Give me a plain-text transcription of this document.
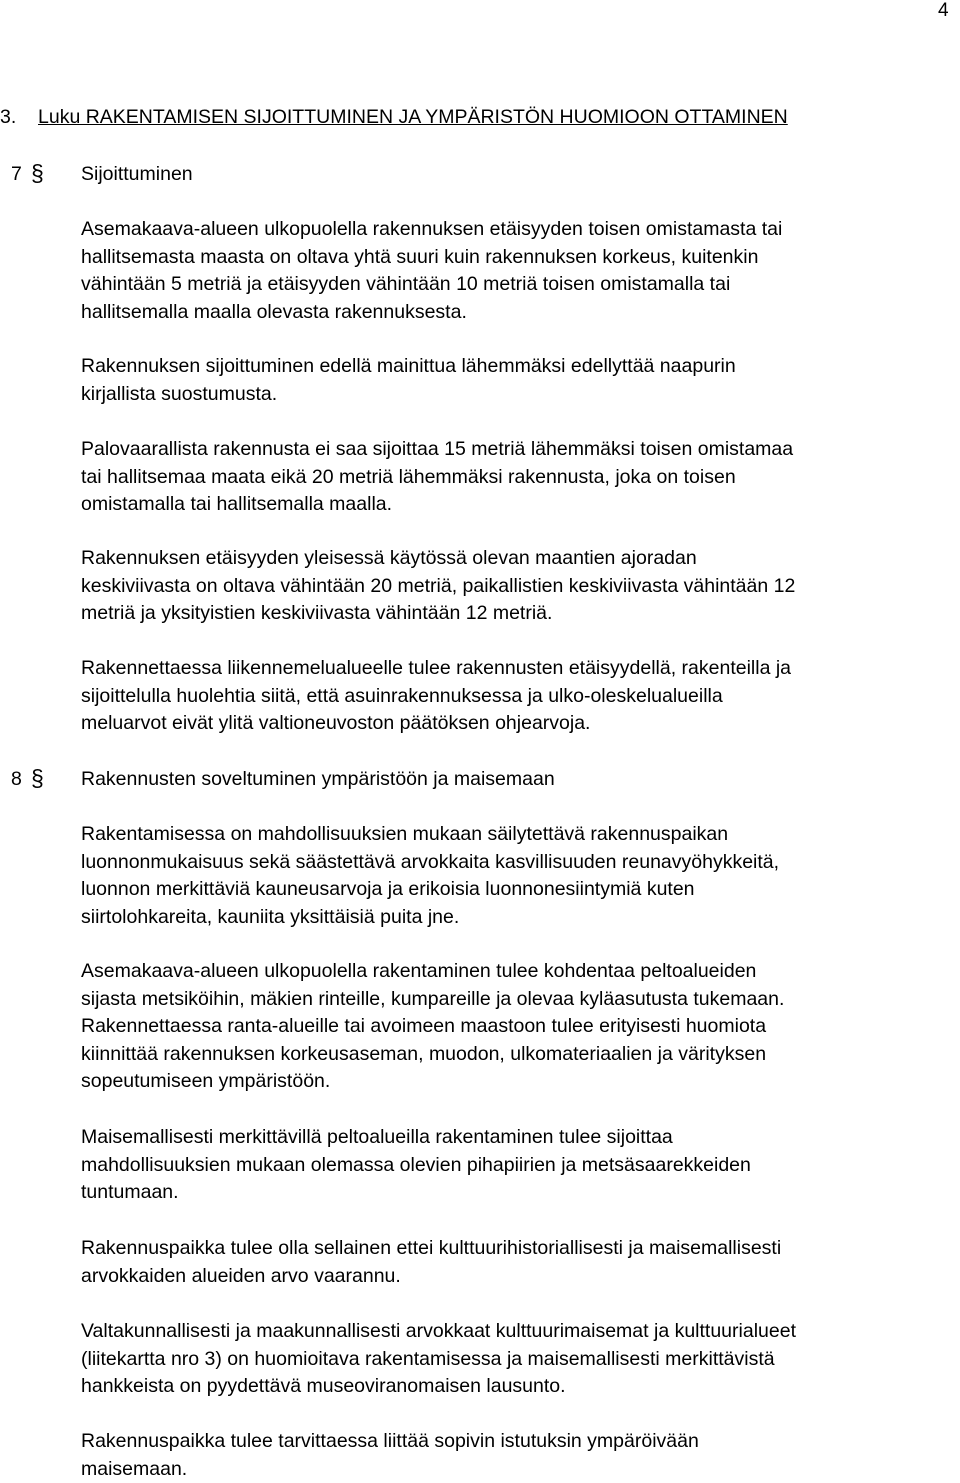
4
3. Luku RAKENTAMISEN SIJOITTUMINEN JA YMPÄRISTÖN HUOMIOON OTTAMINEN
7 § Sijoittuminen

Asemakaava-alueen ulkopuolella rakennuksen etäisyyden toisen omistamasta tai
hallitsemasta maasta on oltava yhtä suuri kuin rakennuksen korkeus, kuitenkin
vähintään 5 metriä ja etäisyyden vähintään 10 metriä toisen omistamalla tai
hallitsemalla maalla olevasta rakennuksesta.

Rakennuksen sijoittuminen edellä mainittua lähemmäksi edellyttää naapurin
kirjallista suostumusta.

Palovaarallista rakennusta ei saa sijoittaa 15 metriä lähemmäksi toisen omistamaa
tai hallitsemaa maata eikä 20 metriä lähemmäksi rakennusta, joka on toisen
omistamalla tai hallitsemalla maalla.

Rakennuksen etäisyyden yleisessä käytössä olevan maantien ajoradan
keskiviivasta on oltava vähintään 20 metriä, paikallistien keskiviivasta vähintään 12
metriä ja yksityistien keskiviivasta vähintään 12 metriä.

Rakennettaessa liikennemelualueelle tulee rakennusten etäisyydellä, rakenteilla ja
sijoittelulla huolehtia siitä, että asuinrakennuksessa ja ulko-oleskelualueilla
meluarvot eivät ylitä valtioneuvoston päätöksen ohjearvoja.

8 § Rakennusten soveltuminen ympäristöön ja maisemaan

Rakentamisessa on mahdollisuuksien mukaan säilytettävä rakennuspaikan
luonnonmukaisuus sekä säästettävä arvokkaita kasvillisuuden reunavyöhykkeitä,
luonnon merkittäviä kauneusarvoja ja erikoisia luonnonesiintymiä kuten
siirtolohkareita, kauniita yksittäisiä puita jne.

Asemakaava-alueen ulkopuolella rakentaminen tulee kohdentaa peltoalueiden
sijasta metsiköihin, mäkien rinteille, kumpareille ja olevaa kyläasutusta tukemaan.
Rakennettaessa ranta-alueille tai avoimeen maastoon tulee erityisesti huomiota
kiinnittää rakennuksen korkeusaseman, muodon, ulkomateriaalien ja värityksen
sopeutumiseen ympäristöön.

Maisemallisesti merkittävillä peltoalueilla rakentaminen tulee sijoittaa
mahdollisuuksien mukaan olemassa olevien pihapiirien ja metsäsaarekkeiden
tuntumaan.

Rakennuspaikka tulee olla sellainen ettei kulttuurihistoriallisesti ja maisemallisesti
arvokkaiden alueiden arvo vaarannu.

Valtakunnallisesti ja maakunnallisesti arvokkaat kulttuurimaisemat ja kulttuurialueet
(liitekartta nro 3) on huomioitava rakentamisessa ja maisemallisesti merkittävistä
hankkeista on pyydettävä museoviranomaisen lausunto.

Rakennuspaikka tulee tarvittaessa liittää sopivin istutuksin ympäröivään
maisemaan.
